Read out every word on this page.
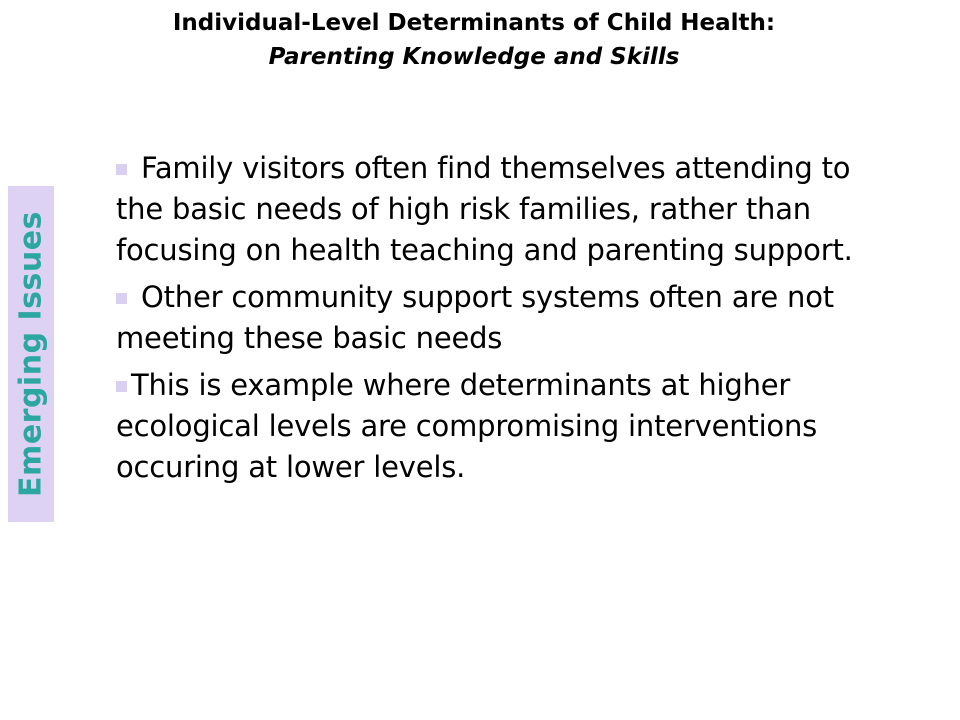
Individual-Level Determinants of Child Health:
Parenting Knowledge and Skills
Emerging Issues
Family visitors often find themselves attending to the basic needs of high risk families, rather than focusing on health teaching and parenting support.
Other community support systems often are not meeting these basic needs
This is example where determinants at higher ecological levels are compromising interventions occuring at lower levels.
